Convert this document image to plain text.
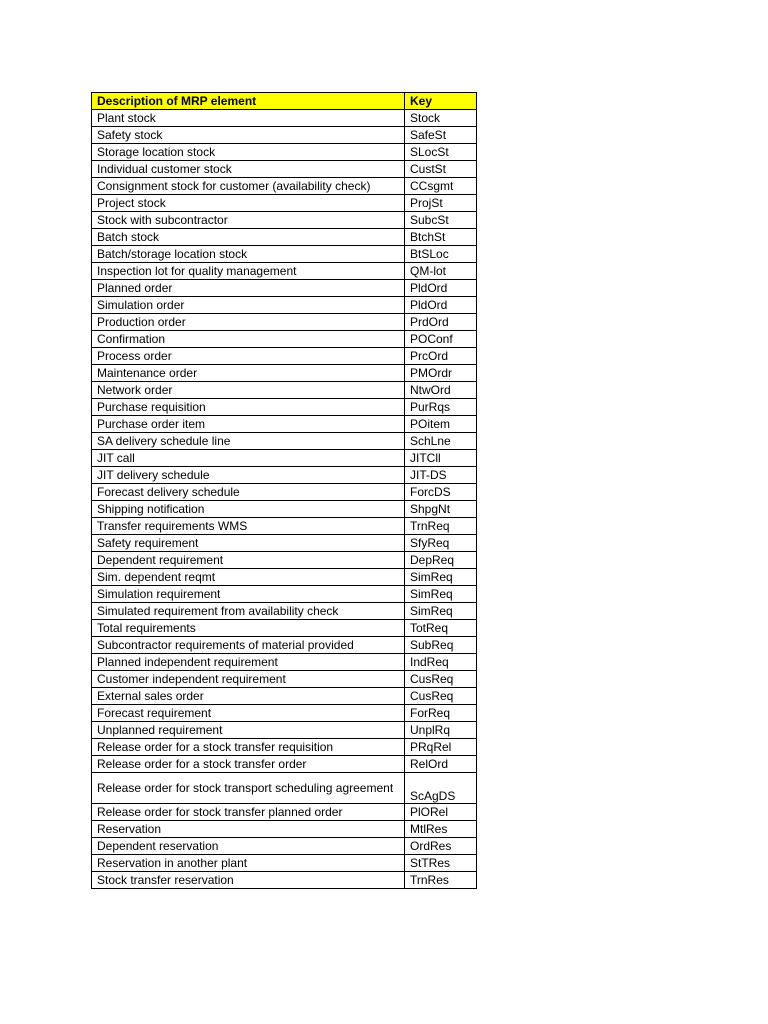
Description of MRP element	Key
Plant stock	Stock
Safety stock	SafeSt
Storage location stock	SLocSt
Individual customer stock	CustSt
Consignment stock for customer (availability check)	CCsgmt
Project stock	ProjSt
Stock with subcontractor	SubcSt
Batch stock	BtchSt
Batch/storage location stock	BtSLoc
Inspection lot for quality management	QM-lot
Planned order	PldOrd
Simulation order	PldOrd
Production order	PrdOrd
Confirmation	POConf
Process order	PrcOrd
Maintenance order	PMOrdr
Network order	NtwOrd
Purchase requisition	PurRqs
Purchase order item	POitem
SA delivery schedule line	SchLne
JIT call	JITCll
JIT delivery schedule	JIT-DS
Forecast delivery schedule	ForcDS
Shipping notification	ShpgNt
Transfer requirements WMS	TrnReq
Safety requirement	SfyReq
Dependent requirement	DepReq
Sim. dependent reqmt	SimReq
Simulation requirement	SimReq
Simulated requirement from availability check	SimReq
Total requirements	TotReq
Subcontractor requirements of material provided	SubReq
Planned independent requirement	IndReq
Customer independent requirement	CusReq
External sales order	CusReq
Forecast requirement	ForReq
Unplanned requirement	UnplRq
Release order for a stock transfer requisition	PRqRel
Release order for a stock transfer order	RelOrd
Release order for stock transport scheduling agreement	ScAgDS
Release order for stock transfer planned order	PlORel
Reservation	MtlRes
Dependent reservation	OrdRes
Reservation in another plant	StTRes
Stock transfer reservation	TrnRes
